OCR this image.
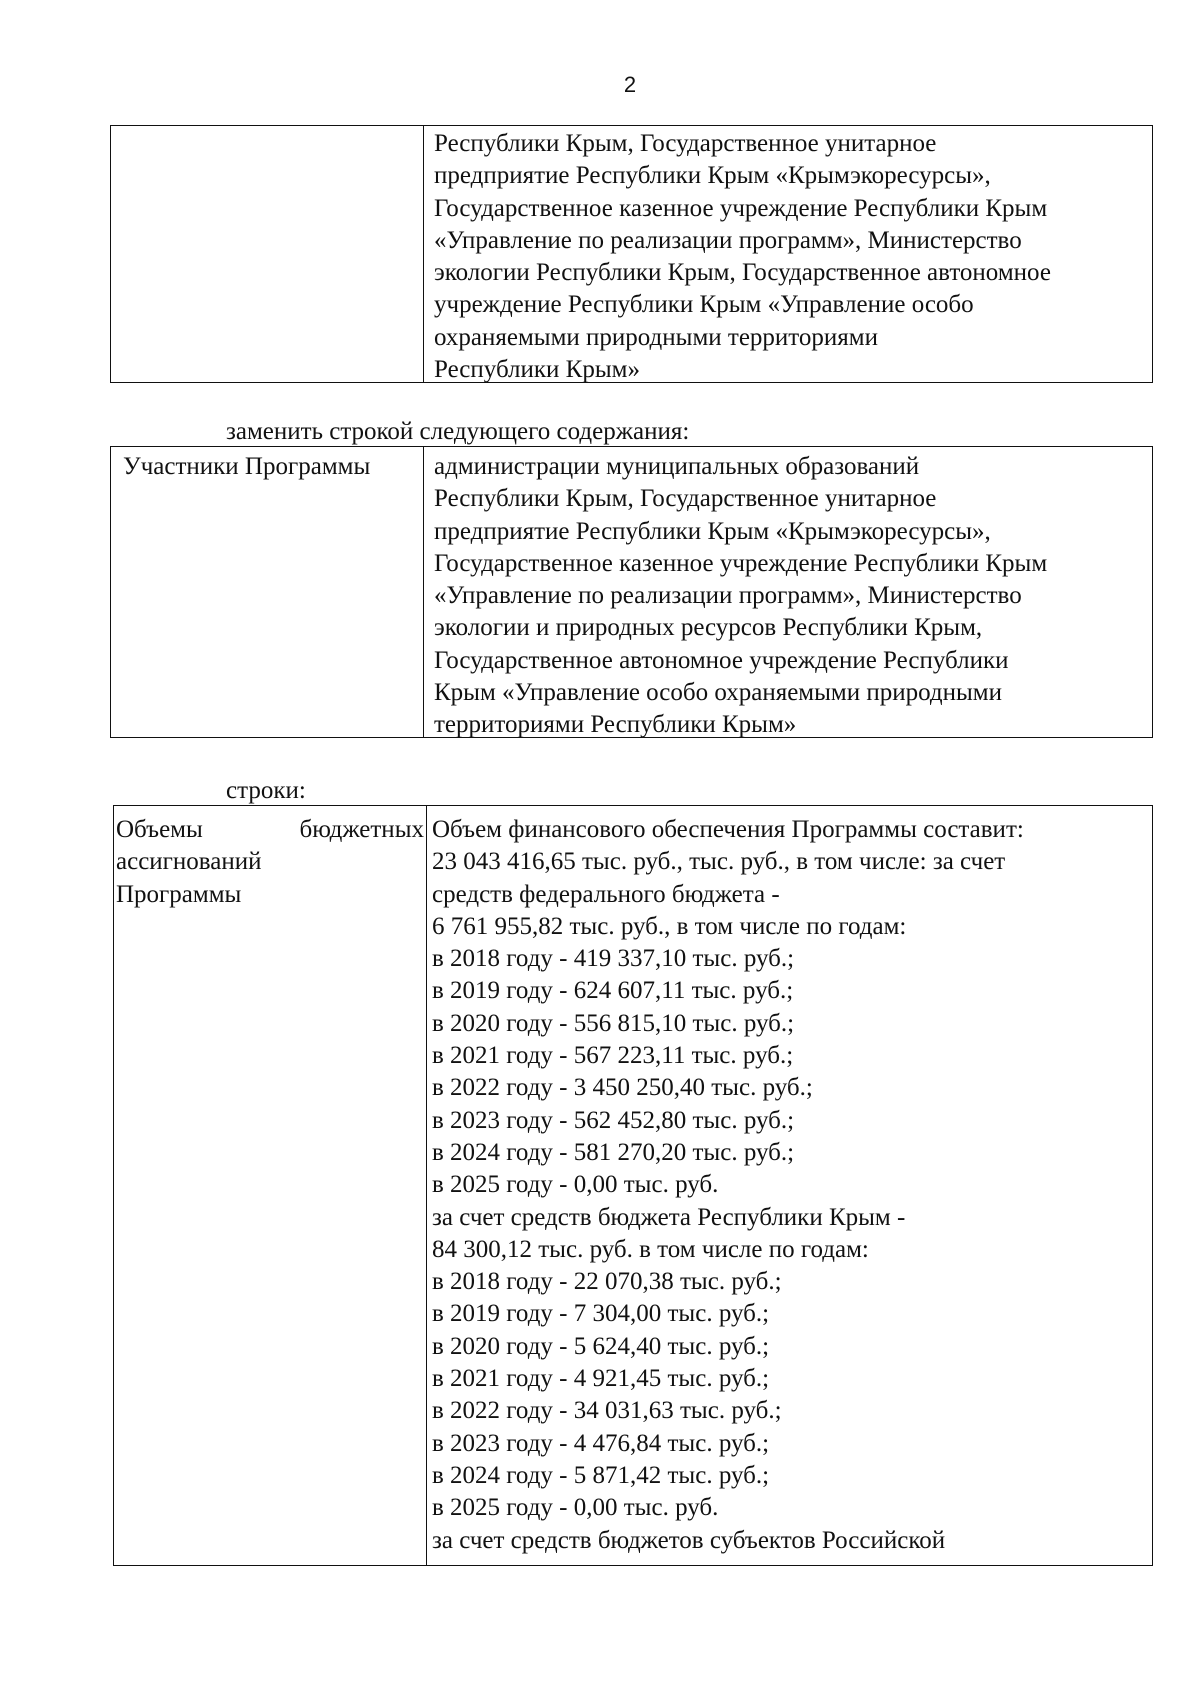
2
Республики Крым, Государственное унитарное
предприятие Республики Крым «Крымэкоресурсы»,
Государственное казенное учреждение Республики Крым
«Управление по реализации программ», Министерство
экологии Республики Крым, Государственное автономное
учреждение Республики Крым «Управление особо
охраняемыми природными территориями
Республики Крым»
заменить строкой следующего содержания:
Участники Программы	администрации муниципальных образований
Республики Крым, Государственное унитарное
предприятие Республики Крым «Крымэкоресурсы»,
Государственное казенное учреждение Республики Крым
«Управление по реализации программ», Министерство
экологии и природных ресурсов Республики Крым,
Государственное автономное учреждение Республики
Крым «Управление особо охраняемыми природными
территориями Республики Крым»
строки:
Объемы	бюджетных
ассигнований
Программы
Объем финансового обеспечения Программы составит:
23 043 416,65 тыс. руб., тыс. руб., в том числе: за счет
средств федерального бюджета -
6 761 955,82 тыс. руб., в том числе по годам:
в 2018 году - 419 337,10 тыс. руб.;
в 2019 году - 624 607,11 тыс. руб.;
в 2020 году - 556 815,10 тыс. руб.;
в 2021 году - 567 223,11 тыс. руб.;
в 2022 году - 3 450 250,40 тыс. руб.;
в 2023 году - 562 452,80 тыс. руб.;
в 2024 году - 581 270,20 тыс. руб.;
в 2025 году - 0,00 тыс. руб.
за счет средств бюджета Республики Крым -
84 300,12 тыс. руб. в том числе по годам:
в 2018 году - 22 070,38 тыс. руб.;
в 2019 году - 7 304,00 тыс. руб.;
в 2020 году - 5 624,40 тыс. руб.;
в 2021 году - 4 921,45 тыс. руб.;
в 2022 году - 34 031,63 тыс. руб.;
в 2023 году - 4 476,84 тыс. руб.;
в 2024 году - 5 871,42 тыс. руб.;
в 2025 году - 0,00 тыс. руб.
за счет средств бюджетов субъектов Российской
